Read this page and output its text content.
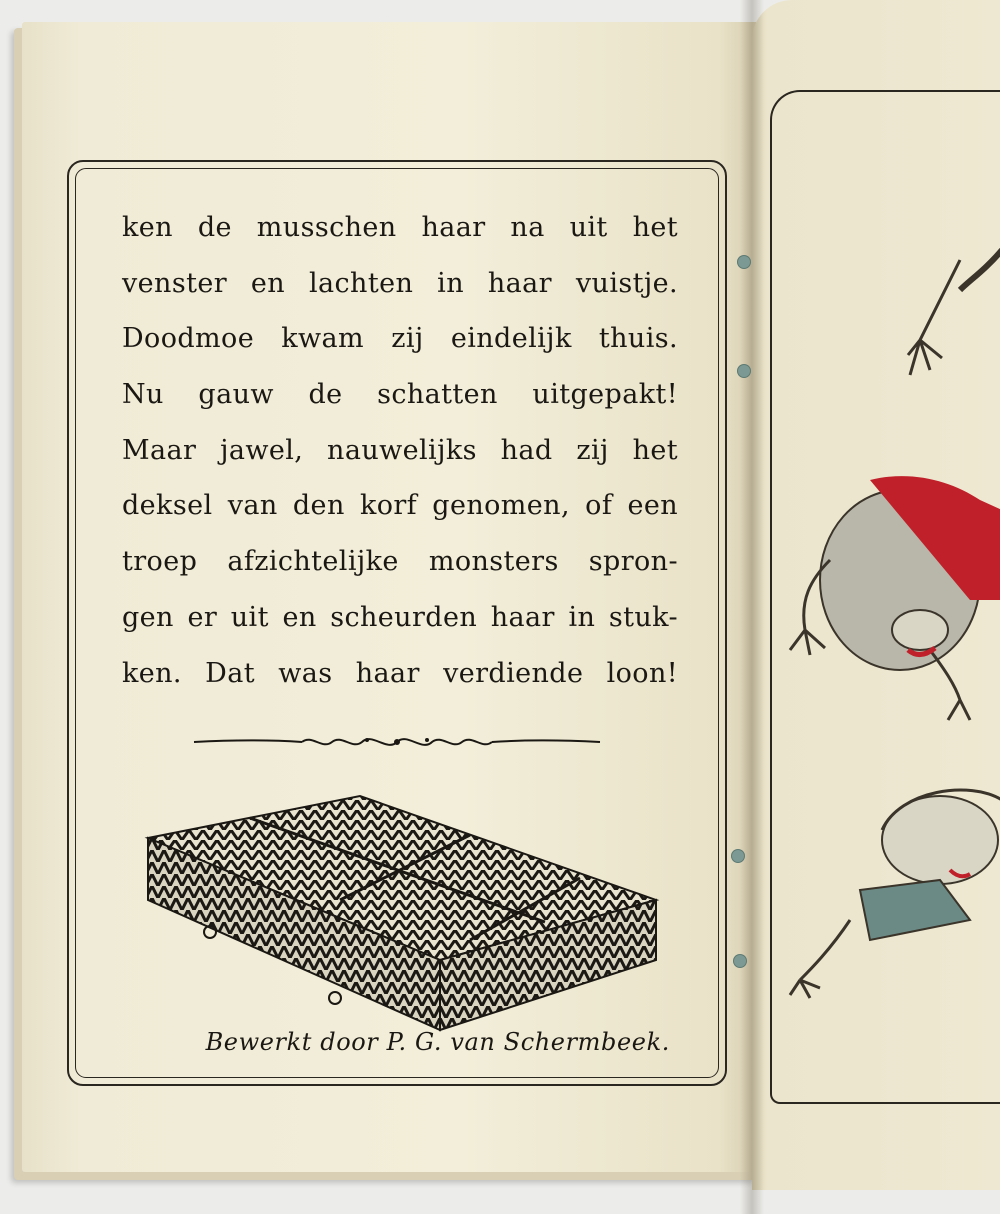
ken de musschen haar na uit het
venster en lachten in haar vuistje.
Doodmoe kwam zij eindelijk thuis.
Nu gauw de schatten uitgepakt!
Maar jawel, nauwelijks had zij het
deksel van den korf genomen, of een
troep afzichtelijke monsters spron-
gen er uit en scheurden haar in stuk-
ken. Dat was haar verdiende loon!
Bewerkt door P. G. van Schermbeek.
